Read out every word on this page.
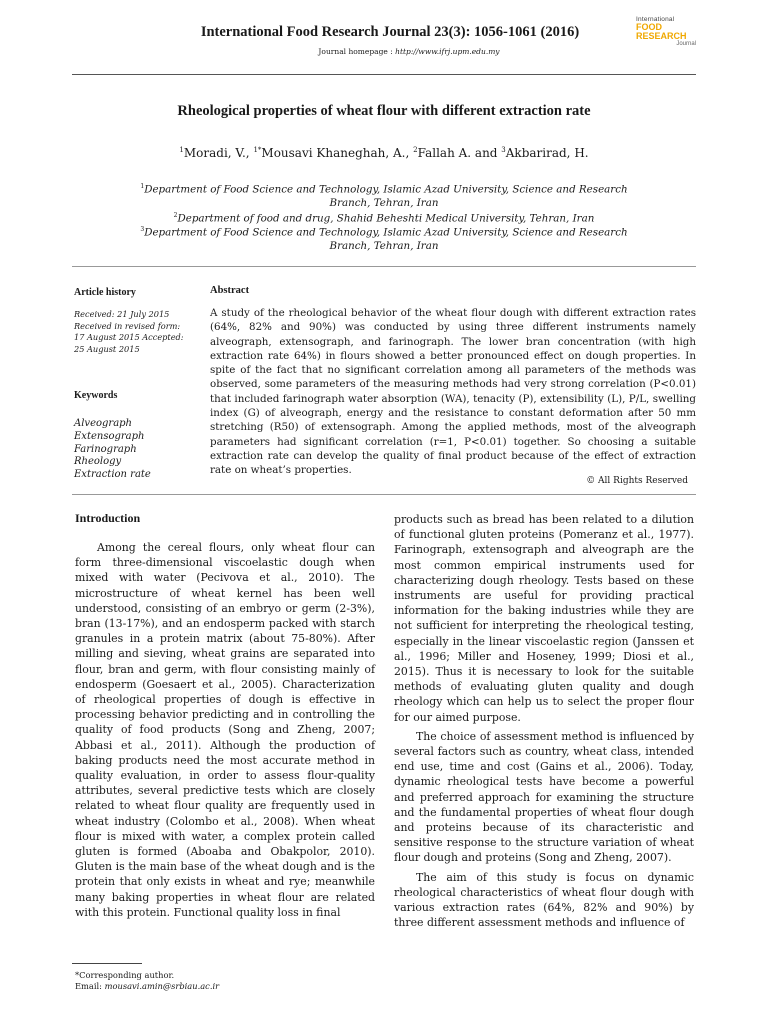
International Food Research Journal 23(3): 1056-1061 (2016)
Journal homepage : http://www.ifrj.upm.edu.my
International
FOOD RESEARCH
Journal
Rheological properties of wheat flour with different extraction rate
$^1$Moradi, V., $^{1*}$Mousavi Khaneghah, A., $^2$Fallah A. and $^3$Akbarirad, H.
$^1$Department of Food Science and Technology, Islamic Azad University, Science and Research Branch, Tehran, Iran
$^2$Department of food and drug, Shahid Beheshti Medical University, Tehran, Iran
$^3$Department of Food Science and Technology, Islamic Azad University, Science and Research Branch, Tehran, Iran
Article history
Received: 21 July 2015
Received in revised form:
17 August 2015 Accepted:
25 August 2015
Keywords
Alveograph
Extensograph
Farinograph
Rheology
Extraction rate
Abstract
A study of the rheological behavior of the wheat flour dough with different extraction rates (64%, 82% and 90%) was conducted by using three different instruments namely alveograph, extensograph, and farinograph. The lower bran concentration (with high extraction rate 64%) in flours showed a better pronounced effect on dough properties. In spite of the fact that no significant correlation among all parameters of the methods was observed, some parameters of the measuring methods had very strong correlation (P<0.01) that included farinograph water absorption (WA), tenacity (P), extensibility (L), P/L, swelling index (G) of alveograph, energy and the resistance to constant deformation after 50 mm stretching (R50) of extensograph. Among the applied methods, most of the alveograph parameters had significant correlation (r=1, P<0.01) together. So choosing a suitable extraction rate can develop the quality of final product because of the effect of extraction rate on wheat’s properties.
© All Rights Reserved
Introduction

Among the cereal flours, only wheat flour can form three-dimensional viscoelastic dough when mixed with water (Pecivova et al., 2010). The microstructure of wheat kernel has been well understood, consisting of an embryo or germ (2-3%), bran (13-17%), and an endosperm packed with starch granules in a protein matrix (about 75-80%). After milling and sieving, wheat grains are separated into flour, bran and germ, with flour consisting mainly of endosperm (Goesaert et al., 2005). Characterization of rheological properties of dough is effective in processing behavior predicting and in controlling the quality of food products (Song and Zheng, 2007; Abbasi et al., 2011). Although the production of baking products need the most accurate method in quality evaluation, in order to assess flour-quality attributes, several predictive tests which are closely related to wheat flour quality are frequently used in wheat industry (Colombo et al., 2008). When wheat flour is mixed with water, a complex protein called gluten is formed (Aboaba and Obakpolor, 2010). Gluten is the main base of the wheat dough and is the protein that only exists in wheat and rye; meanwhile many baking properties in wheat flour are related with this protein. Functional quality loss in final

products such as bread has been related to a dilution of functional gluten proteins (Pomeranz et al., 1977). Farinograph, extensograph and alveograph are the most common empirical instruments used for characterizing dough rheology. Tests based on these instruments are useful for providing practical information for the baking industries while they are not sufficient for interpreting the rheological testing, especially in the linear viscoelastic region (Janssen et al., 1996; Miller and Hoseney, 1999; Diosi et al., 2015). Thus it is necessary to look for the suitable methods of evaluating gluten quality and dough rheology which can help us to select the proper flour for our aimed purpose.

The choice of assessment method is influenced by several factors such as country, wheat class, intended end use, time and cost (Gains et al., 2006). Today, dynamic rheological tests have become a powerful and preferred approach for examining the structure and the fundamental properties of wheat flour dough and proteins because of its characteristic and sensitive response to the structure variation of wheat flour dough and proteins (Song and Zheng, 2007).

The aim of this study is focus on dynamic rheological characteristics of wheat flour dough with various extraction rates (64%, 82% and 90%) by three different assessment methods and influence of

*Corresponding author.
Email: mousavi.amin@srbiau.ac.ir
